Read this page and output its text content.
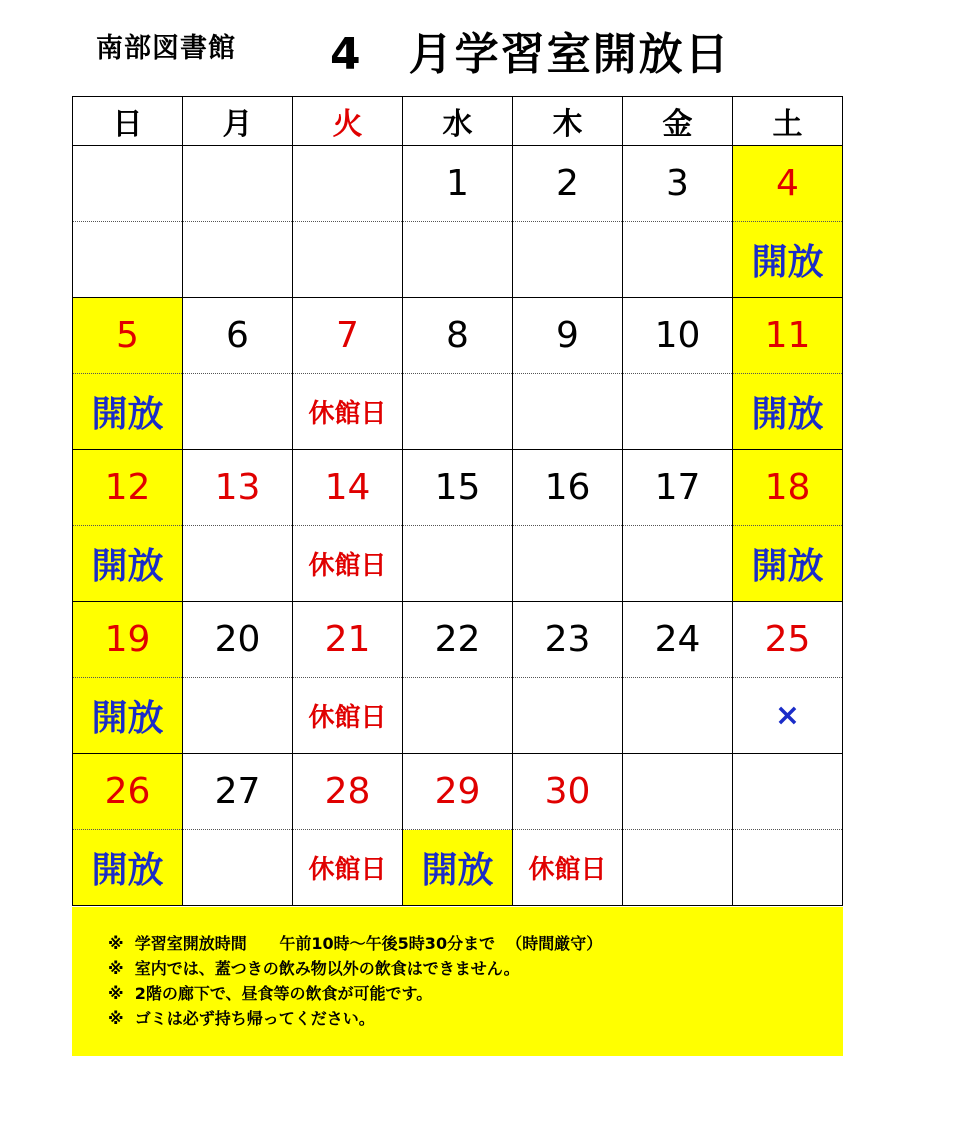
南部図書館 4　月学習室開放日
日	月	火	水	木	金	土
			1	2	3	4
						開放
5	6	7	8	9	10	11
開放		休館日				開放
12	13	14	15	16	17	18
開放		休館日				開放
19	20	21	22	23	24	25
開放		休館日				×
26	27	28	29	30		
開放		休館日	開放	休館日		
※  学習室開放時間　   午前10時～午後5時30分まで  （時間厳守）
※  室内では、蓋つきの飲み物以外の飲食はできません。
※  2階の廊下で、昼食等の飲食が可能です。
※  ゴミは必ず持ち帰ってください。
